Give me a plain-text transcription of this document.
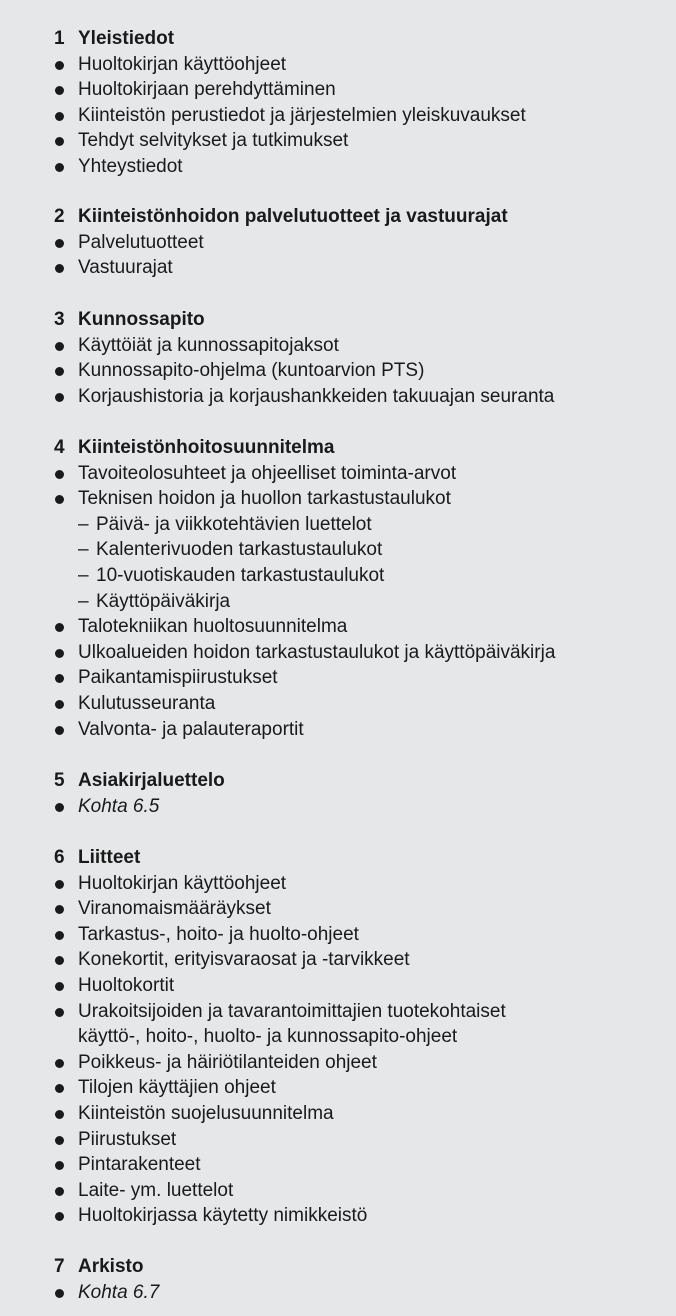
1 Yleistiedot
Huoltokirjan käyttöohjeet
Huoltokirjaan perehdyttäminen
Kiinteistön perustiedot ja järjestelmien yleiskuvaukset
Tehdyt selvitykset ja tutkimukset
Yhteystiedot
2 Kiinteistönhoidon palvelutuotteet ja vastuurajat
Palvelutuotteet
Vastuurajat
3 Kunnossapito
Käyttöiät ja kunnossapitojaksot
Kunnossapito-ohjelma (kuntoarvion PTS)
Korjaushistoria ja korjaushankkeiden takuuajan seuranta
4 Kiinteistönhoitosuunnitelma
Tavoiteolosuhteet ja ohjeelliset toiminta-arvot
Teknisen hoidon ja huollon tarkastustaulukot
– Päivä- ja viikkotehtävien luettelot
– Kalenterivuoden tarkastustaulukot
– 10-vuotiskauden tarkastustaulukot
– Käyttöpäiväkirja
Talotekniikan huoltosuunnitelma
Ulkoalueiden hoidon tarkastustaulukot ja käyttöpäiväkirja
Paikantamispiirustukset
Kulutusseuranta
Valvonta- ja palauteraportit
5 Asiakirjaluettelo
Kohta 6.5
6 Liitteet
Huoltokirjan käyttöohjeet
Viranomaismääräykset
Tarkastus-, hoito- ja huolto-ohjeet
Konekortit, erityisvaraosat ja -tarvikkeet
Huoltokortit
Urakoitsijoiden ja tavarantoimittajien tuotekohtaiset
käyttö-, hoito-, huolto- ja kunnossapito-ohjeet
Poikkeus- ja häiriötilanteiden ohjeet
Tilojen käyttäjien ohjeet
Kiinteistön suojelusuunnitelma
Piirustukset
Pintarakenteet
Laite- ym. luettelot
Huoltokirjassa käytetty nimikkeistö
7 Arkisto
Kohta 6.7
